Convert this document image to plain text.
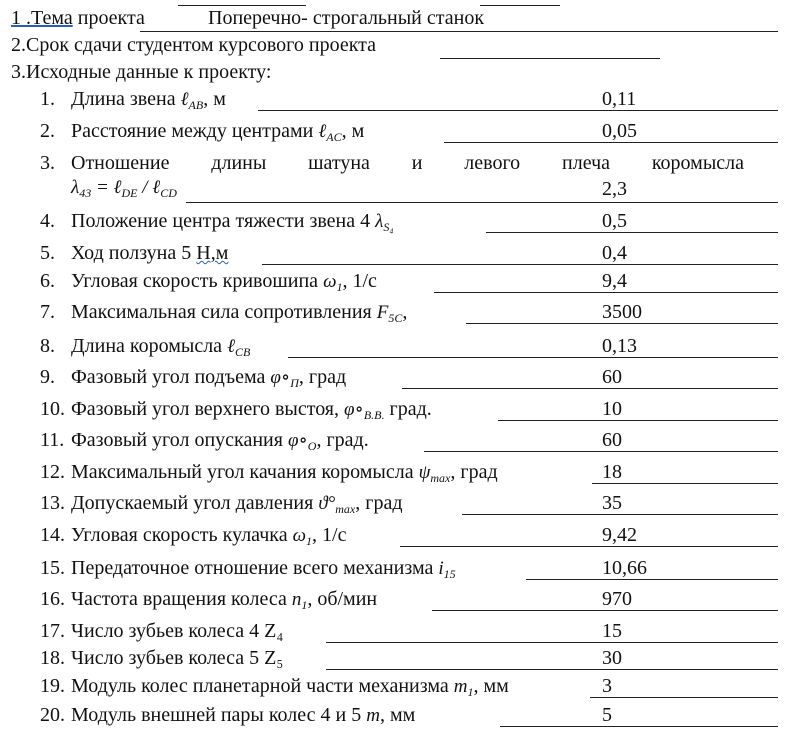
1 .Тема проекта	Поперечно- строгальный станок
2.Срок сдачи студентом курсового проекта
3.Исходные данные к проекту:
1. Длина звена ℓ$_{AB}$, м	0,11
2. Расстояние между центрами ℓ$_{AC}$, м	0,05
3. Отношение длины шатуна и левого плеча коромысла
$\lambda_{43}$ = ℓ$_{DE}$ / ℓ$_{CD}$	2,3
4. Положение центра тяжести звена 4 $\lambda_{S_4}$	0,5
5. Ход ползуна 5 Н,м	0,4
6. Угловая скорость кривошипа $\omega_1$, 1/с	9,4
7. Максимальная сила сопротивления $F_{5C}$,	3500
8. Длина коромысла ℓ$_{CB}$	0,13
9. Фазовый угол подъема $\varphi\circ_П$, град	60
10. Фазовый угол верхнего выстоя, $\varphi\circ_{В.В.}$ град.	10
11. Фазовый угол опускания $\varphi\circ_О$, град.	60
12. Максимальный угол качания коромысла $\psi_{max}$, град	18
13. Допускаемый угол давления $ϑ^\circ_{max}$, град	35
14. Угловая скорость кулачка $\omega_1$, 1/с	9,42
15. Передаточное отношение всего механизма $i_{15}$	10,66
16. Частота вращения колеса $n_1$, об/мин	970
17. Число зубьев колеса 4 Z₄	15
18. Число зубьев колеса 5 Z₅	30
19. Модуль колес планетарной части механизма $m_1$, мм	3
20. Модуль внешней пары колес 4 и 5 m, мм	5
